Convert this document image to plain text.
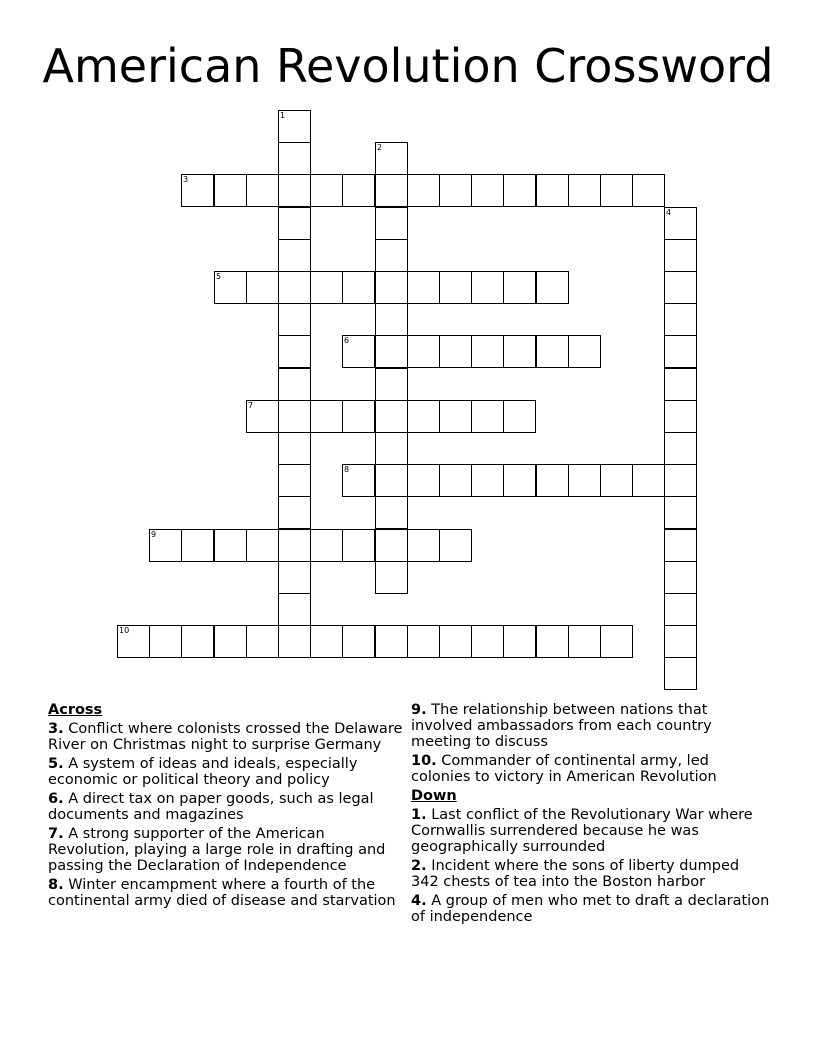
American Revolution Crossword
1
2
3
4
5
6
7
8
9
10
Across
3. Conflict where colonists crossed the Delaware River on Christmas night to surprise Germany
5. A system of ideas and ideals, especially economic or political theory and policy
6. A direct tax on paper goods, such as legal documents and magazines
7. A strong supporter of the American Revolution, playing a large role in drafting and passing the Declaration of Independence
8. Winter encampment where a fourth of the continental army died of disease and starvation
9. The relationship between nations that involved ambassadors from each country meeting to discuss
10. Commander of continental army, led colonies to victory in American Revolution
Down
1. Last conflict of the Revolutionary War where Cornwallis surrendered because he was geographically surrounded
2. Incident where the sons of liberty dumped 342 chests of tea into the Boston harbor
4. A group of men who met to draft a declaration of independence
